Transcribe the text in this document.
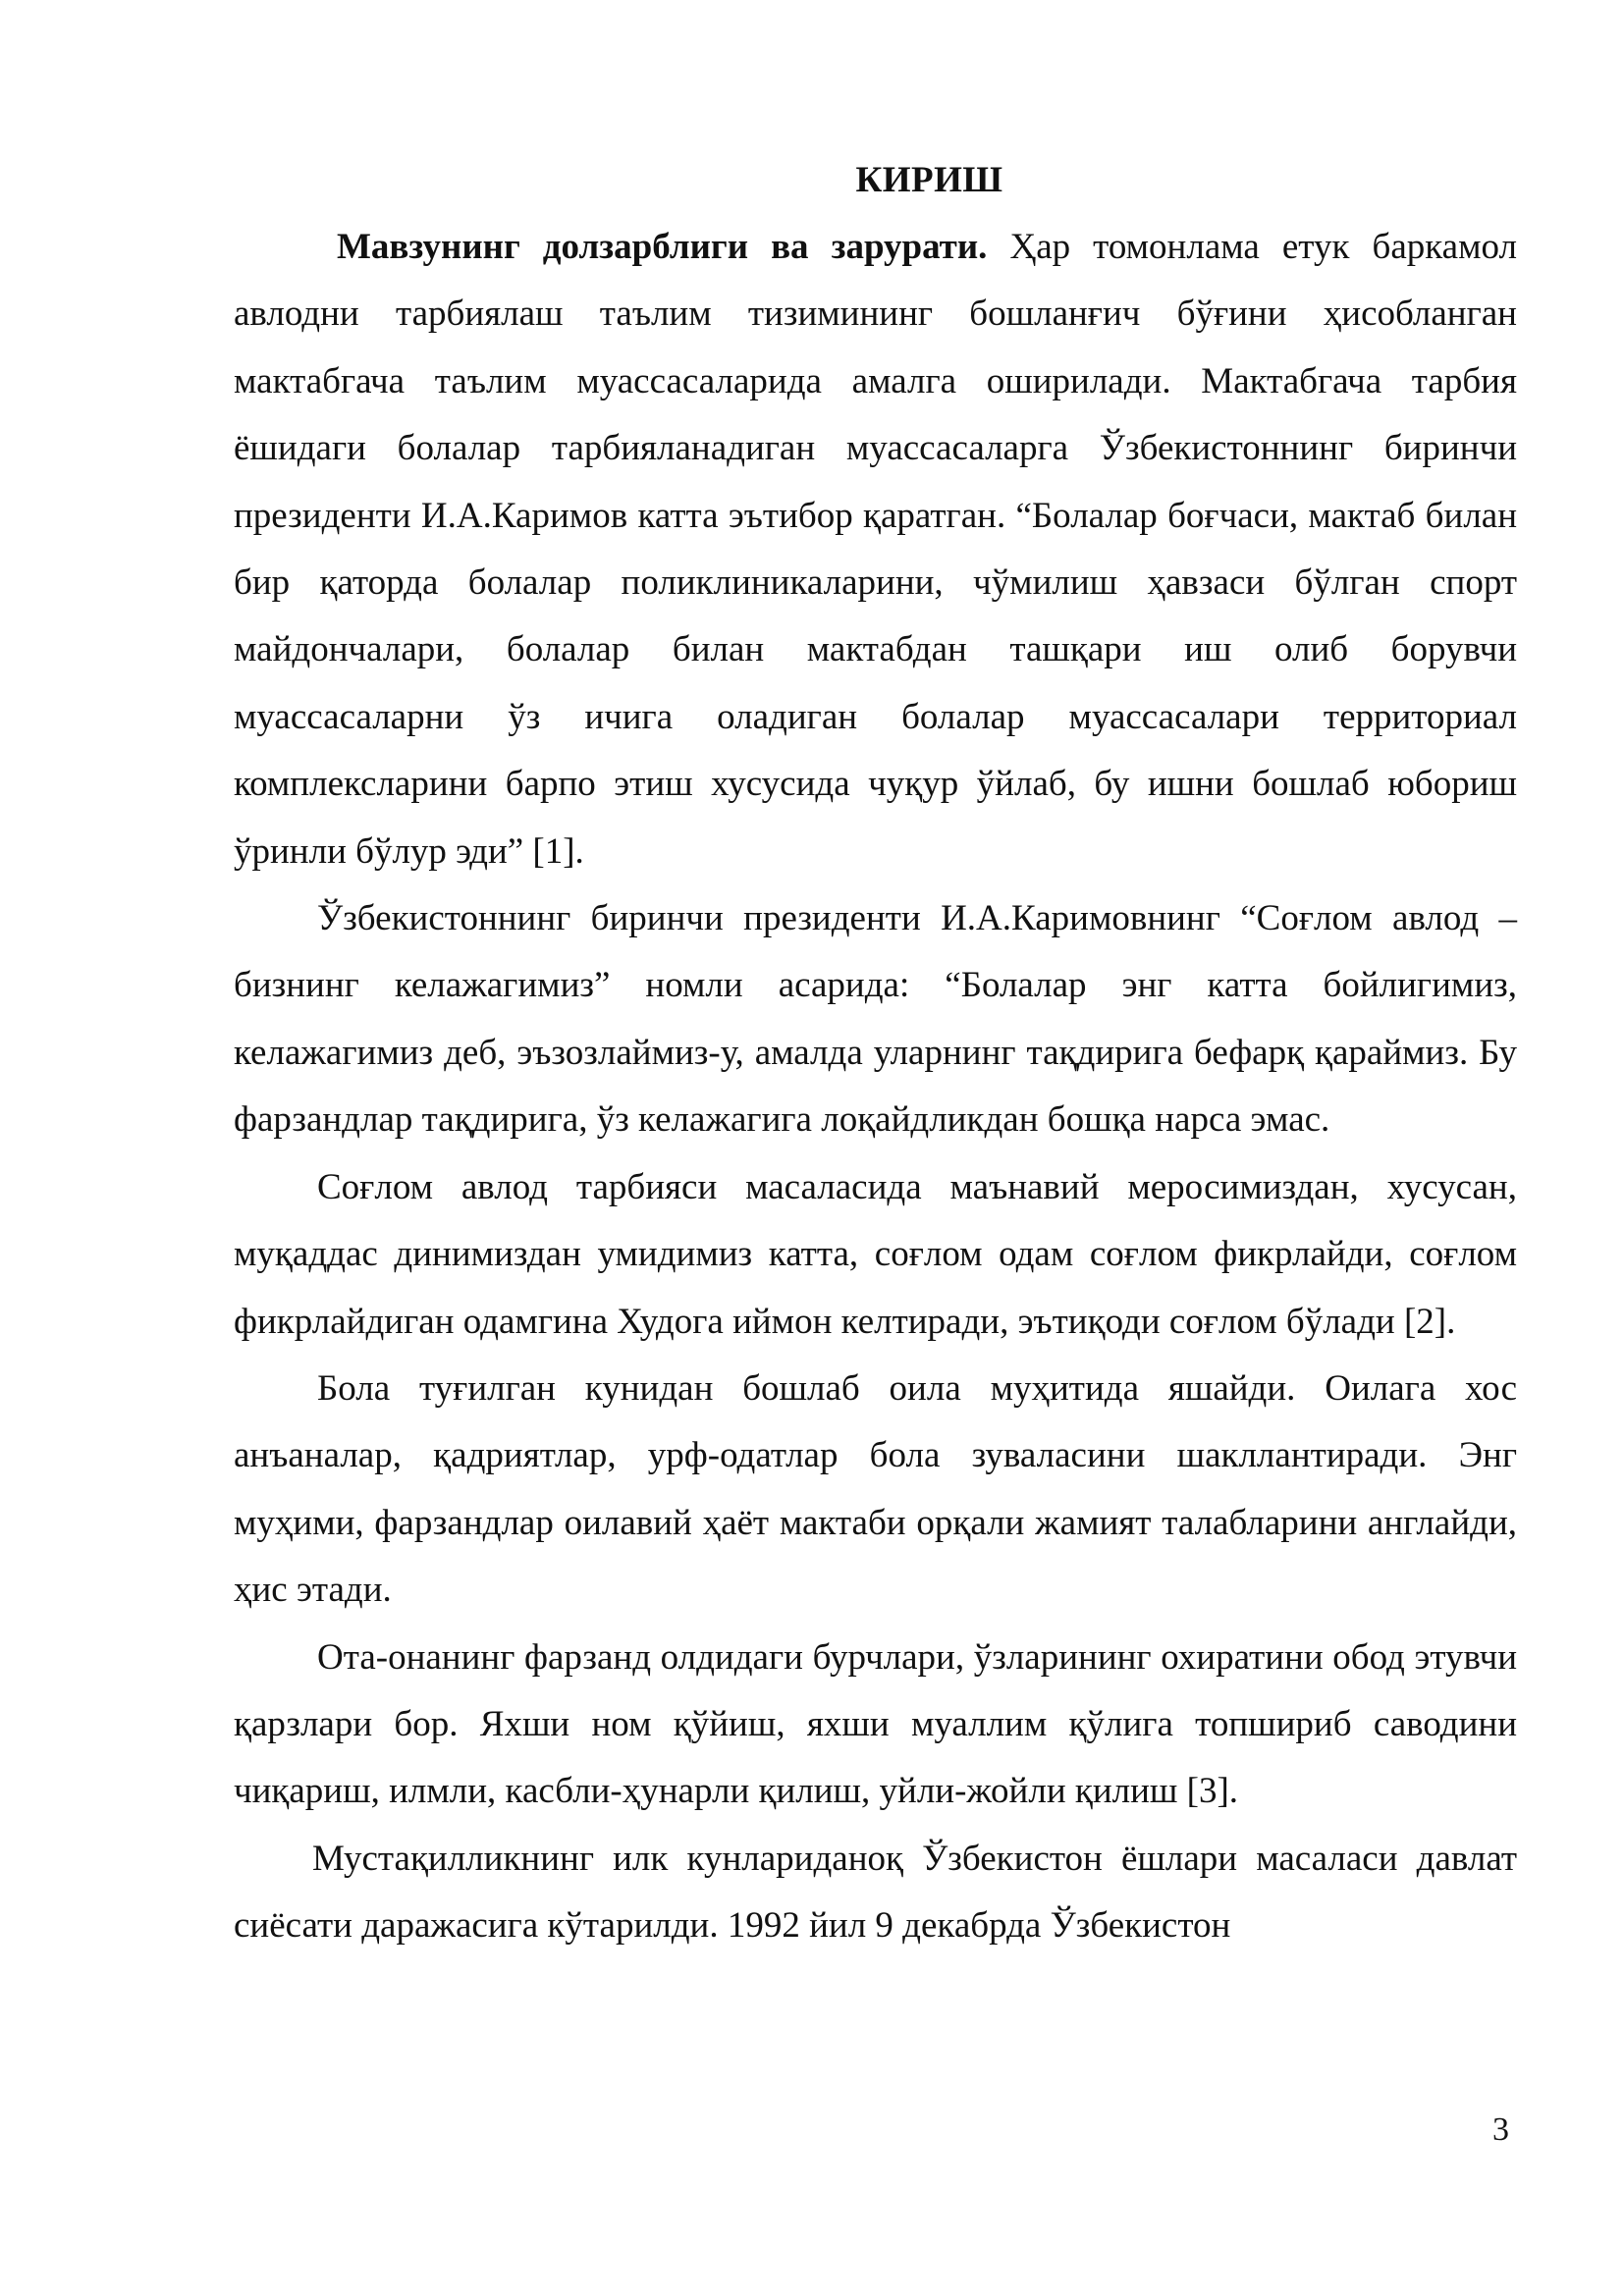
КИРИШ

Мавзунинг долзарблиги ва зарурати. Ҳар томонлама етук баркамол авлодни тарбиялаш таълим тизимининг бошланғич бўғини ҳисобланган мактабгача таълим муассасаларида амалга оширилади. Мактабгача тарбия ёшидаги болалар тарбияланадиган муассасаларга Ўзбекистоннинг биринчи президенти И.А.Каримов катта эътибор қаратган. “Болалар боғчаси, мактаб билан бир қаторда болалар поликлиникаларини, чўмилиш ҳавзаси бўлган спорт майдончалари, болалар билан мактабдан ташқари иш олиб борувчи муассасаларни ўз ичига оладиган болалар муассасалари территориал комплексларини барпо этиш хусусида чуқур ўйлаб, бу ишни бошлаб юбориш ўринли бўлур эди” [1].

Ўзбекистоннинг биринчи президенти И.А.Каримовнинг “Соғлом авлод – бизнинг келажагимиз” номли асарида: “Болалар энг катта бойлигимиз, келажагимиз деб, эъзозлаймиз-у, амалда уларнинг тақдирига бефарқ қараймиз. Бу фарзандлар тақдирига, ўз келажагига лоқайдликдан бошқа нарса эмас.

Соғлом авлод тарбияси масаласида маънавий меросимиздан, хусусан, муқаддас динимиздан умидимиз катта, соғлом одам соғлом фикрлайди, соғлом фикрлайдиган одамгина Худога иймон келтиради, эътиқоди соғлом бўлади [2].

Бола туғилган кунидан бошлаб оила муҳитида яшайди. Оилага хос анъаналар, қадриятлар, урф-одатлар бола зуваласини шакллантиради. Энг муҳими, фарзандлар оилавий ҳаёт мактаби орқали жамият талабларини англайди, ҳис этади.

Ота-онанинг фарзанд олдидаги бурчлари, ўзларининг охиратини обод этувчи қарзлари бор. Яхши ном қўйиш, яхши муаллим қўлига топшириб саводини чиқариш, илмли, касбли-ҳунарли қилиш, уйли-жойли қилиш [3].

Мустақилликнинг илк кунлариданоқ Ўзбекистон ёшлари масаласи давлат сиёсати даражасига кўтарилди. 1992 йил 9 декабрда Ўзбекистон

3
